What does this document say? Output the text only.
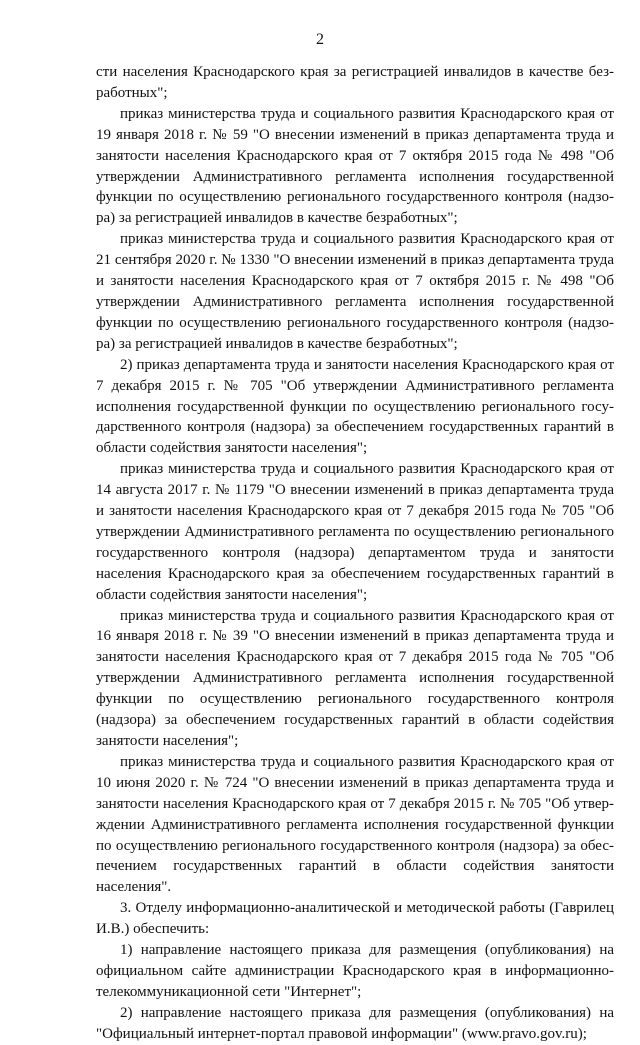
2

сти населения Краснодарского края за регистрацией инвалидов в качестве безработных";

приказ министерства труда и социального развития Краснодарского края от 19 января 2018 г. № 59 "О внесении изменений в приказ департамента труда и занятости населения Краснодарского края от 7 октября 2015 года № 498 "Об утверждении Административного регламента исполнения государственной функции по осуществлению регионального государственного контроля (надзора) за регистрацией инвалидов в качестве безработных";

приказ министерства труда и социального развития Краснодарского края от 21 сентября 2020 г. № 1330 "О внесении изменений в приказ департамента труда и занятости населения Краснодарского края от 7 октября 2015 г. № 498 "Об утверждении Административного регламента исполнения государственной функции по осуществлению регионального государственного контроля (надзора) за регистрацией инвалидов в качестве безработных";

2) приказ департамента труда и занятости населения Краснодарского края от 7 декабря 2015 г. № 705 "Об утверждении Административного регламента исполнения государственной функции по осуществлению регионального государственного контроля (надзора) за обеспечением государственных гарантий в области содействия занятости населения";

приказ министерства труда и социального развития Краснодарского края от 14 августа 2017 г. № 1179 "О внесении изменений в приказ департамента труда и занятости населения Краснодарского края от 7 декабря 2015 года № 705 "Об утверждении Административного регламента по осуществлению регионального государственного контроля (надзора) департаментом труда и занятости населения Краснодарского края за обеспечением государственных гарантий в области содействия занятости населения";

приказ министерства труда и социального развития Краснодарского края от 16 января 2018 г. № 39 "О внесении изменений в приказ департамента труда и занятости населения Краснодарского края от 7 декабря 2015 года № 705 "Об утверждении Административного регламента исполнения государственной функции по осуществлению регионального государственного контроля (надзора) за обеспечением государственных гарантий в области содействия занятости населения";

приказ министерства труда и социального развития Краснодарского края от 10 июня 2020 г. № 724 "О внесении изменений в приказ департамента труда и занятости населения Краснодарского края от 7 декабря 2015 г. № 705 "Об утверждении Административного регламента исполнения государственной функции по осуществлению регионального государственного контроля (надзора) за обеспечением государственных гарантий в области содействия занятости населения".

3. Отделу информационно-аналитической и методической работы (Гаврилец И.В.) обеспечить:

1) направление настоящего приказа для размещения (опубликования) на официальном сайте администрации Краснодарского края в информационно-телекоммуникационной сети "Интернет";

2) направление настоящего приказа для размещения (опубликования) на "Официальный интернет-портал правовой информации" (www.pravo.gov.ru);
